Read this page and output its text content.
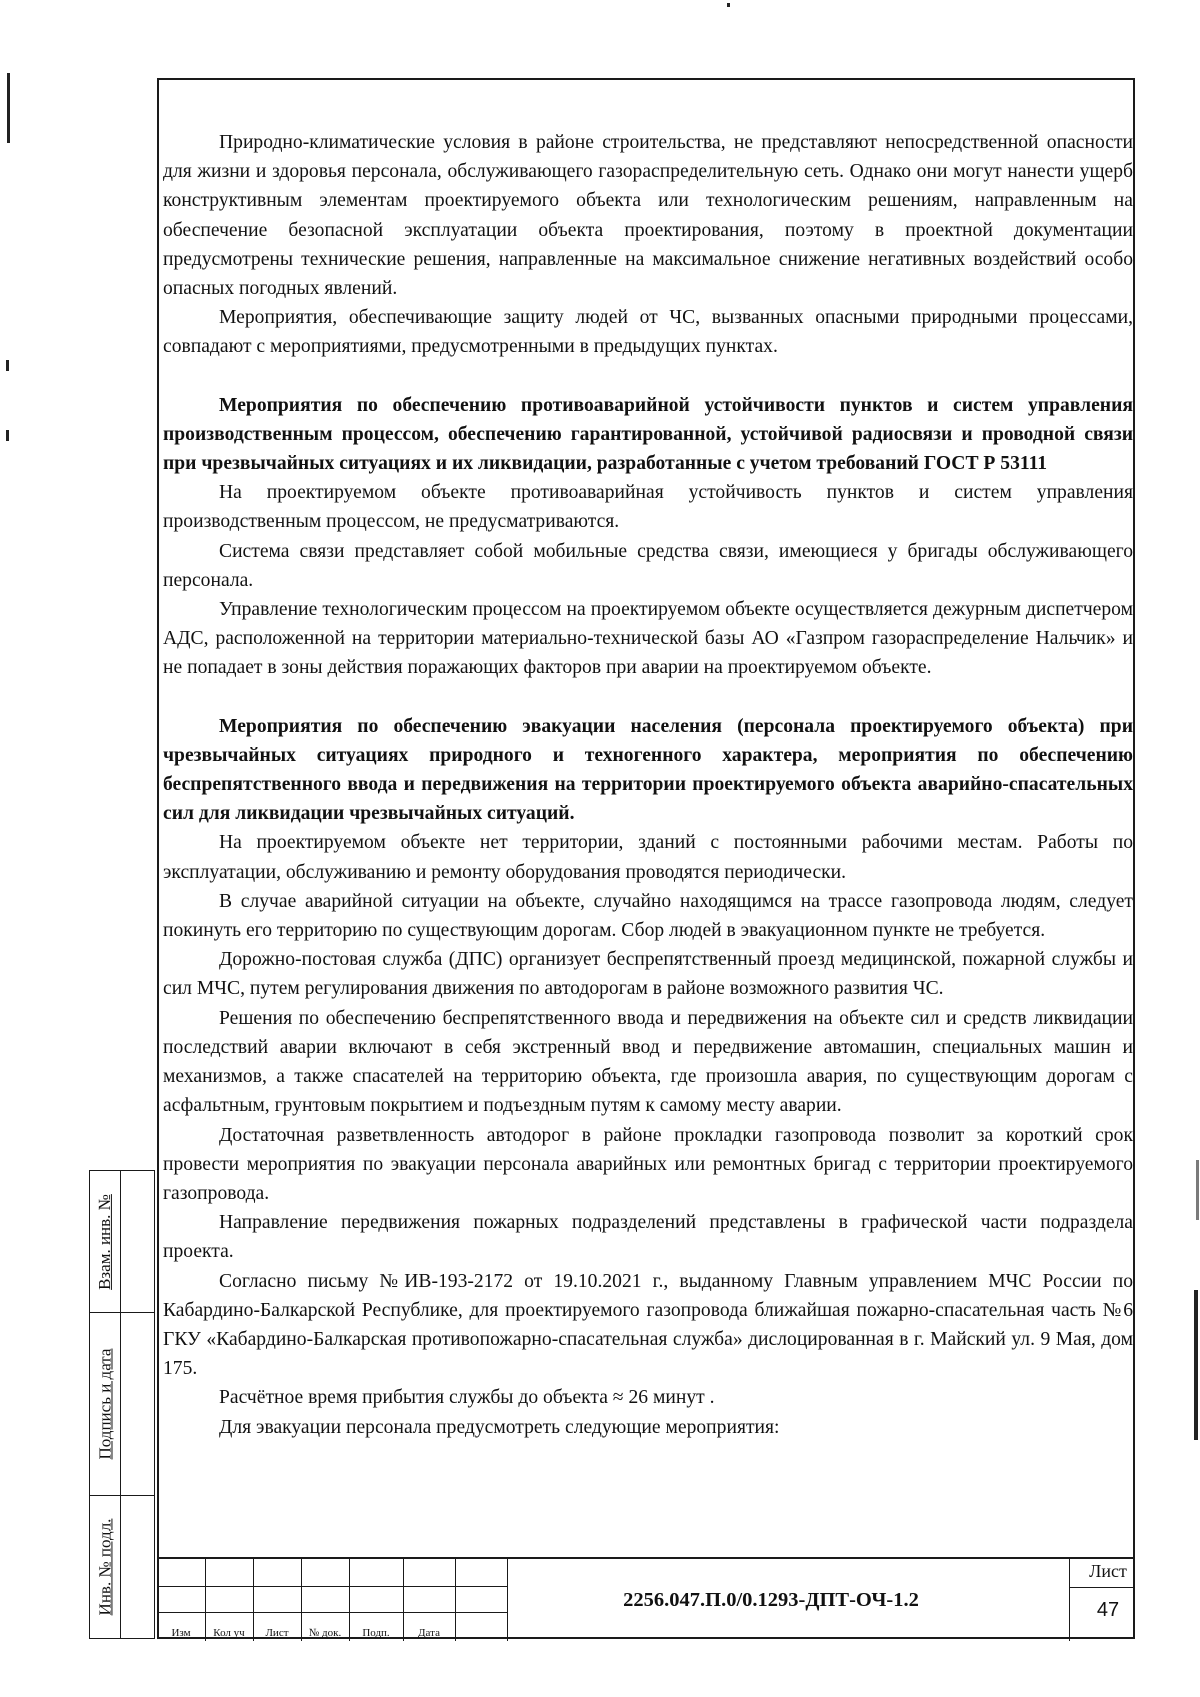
Природно-климатические условия в районе строительства, не представляют непосредственной опасности для жизни и здоровья персонала, обслуживающего газораспределительную сеть. Однако они могут нанести ущерб конструктивным элементам проектируемого объекта или технологическим решениям, направленным на обеспечение безопасной эксплуатации объекта проектирования, поэтому в проектной документации предусмотрены технические решения, направленные на максимальное снижение негативных воздействий особо опасных погодных явлений.

Мероприятия, обеспечивающие защиту людей от ЧС, вызванных опасными природными процессами, совпадают с мероприятиями, предусмотренными в предыдущих пунктах.

Мероприятия по обеспечению противоаварийной устойчивости пунктов и систем управления производственным процессом, обеспечению гарантированной, устойчивой радиосвязи и проводной связи при чрезвычайных ситуациях и их ликвидации, разработанные с учетом требований ГОСТ Р 53111

На проектируемом объекте противоаварийная устойчивость пунктов и систем управления производственным процессом, не предусматриваются.

Система связи представляет собой мобильные средства связи, имеющиеся у бригады обслуживающего персонала.

Управление технологическим процессом на проектируемом объекте осуществляется дежурным диспетчером АДС, расположенной на территории материально-технической базы АО «Газпром газораспределение Нальчик» и не попадает в зоны действия поражающих факторов при аварии на проектируемом объекте.

Мероприятия по обеспечению эвакуации населения (персонала проектируемого объекта) при чрезвычайных ситуациях природного и техногенного характера, мероприятия по обеспечению беспрепятственного ввода и передвижения на территории проектируемого объекта аварийно-спасательных сил для ликвидации чрезвычайных ситуаций.

На проектируемом объекте нет территории, зданий с постоянными рабочими местам. Работы по эксплуатации, обслуживанию и ремонту оборудования проводятся периодически.

В случае аварийной ситуации на объекте, случайно находящимся на трассе газопровода людям, следует покинуть его территорию по существующим дорогам. Сбор людей в эвакуационном пункте не требуется.

Дорожно-постовая служба (ДПС) организует беспрепятственный проезд медицинской, пожарной службы и сил МЧС, путем регулирования движения по автодорогам в районе возможного развития ЧС.

Решения по обеспечению беспрепятственного ввода и передвижения на объекте сил и средств ликвидации последствий аварии включают в себя экстренный ввод и передвижение автомашин, специальных машин и механизмов, а также спасателей на территорию объекта, где произошла авария, по существующим дорогам с асфальтным, грунтовым покрытием и подъездным путям к самому месту аварии.

Достаточная разветвленность автодорог в районе прокладки газопровода позволит за короткий срок провести мероприятия по эвакуации персонала аварийных или ремонтных бригад с территории проектируемого газопровода.

Направление передвижения пожарных подразделений представлены в графической части подраздела проекта.

Согласно письму №ИВ-193-2172 от 19.10.2021 г., выданному Главным управлением МЧС России по Кабардино-Балкарской Республике, для проектируемого газопровода ближайшая пожарно-спасательная часть №6 ГКУ «Кабардино-Балкарская противопожарно-спасательная служба» дислоцированная в г. Майский ул. 9 Мая, дом 175.

Расчётное время прибытия службы до объекта ≈ 26 минут .

Для эвакуации персонала предусмотреть следующие мероприятия:

Взам. инв. №
Подпись и дата
Инв. № подл.
Изм	Кол уч	Лист	№ док.	Подп.	Дата
2256.047.П.0/0.1293-ДПТ-ОЧ-1.2
Лист
47
